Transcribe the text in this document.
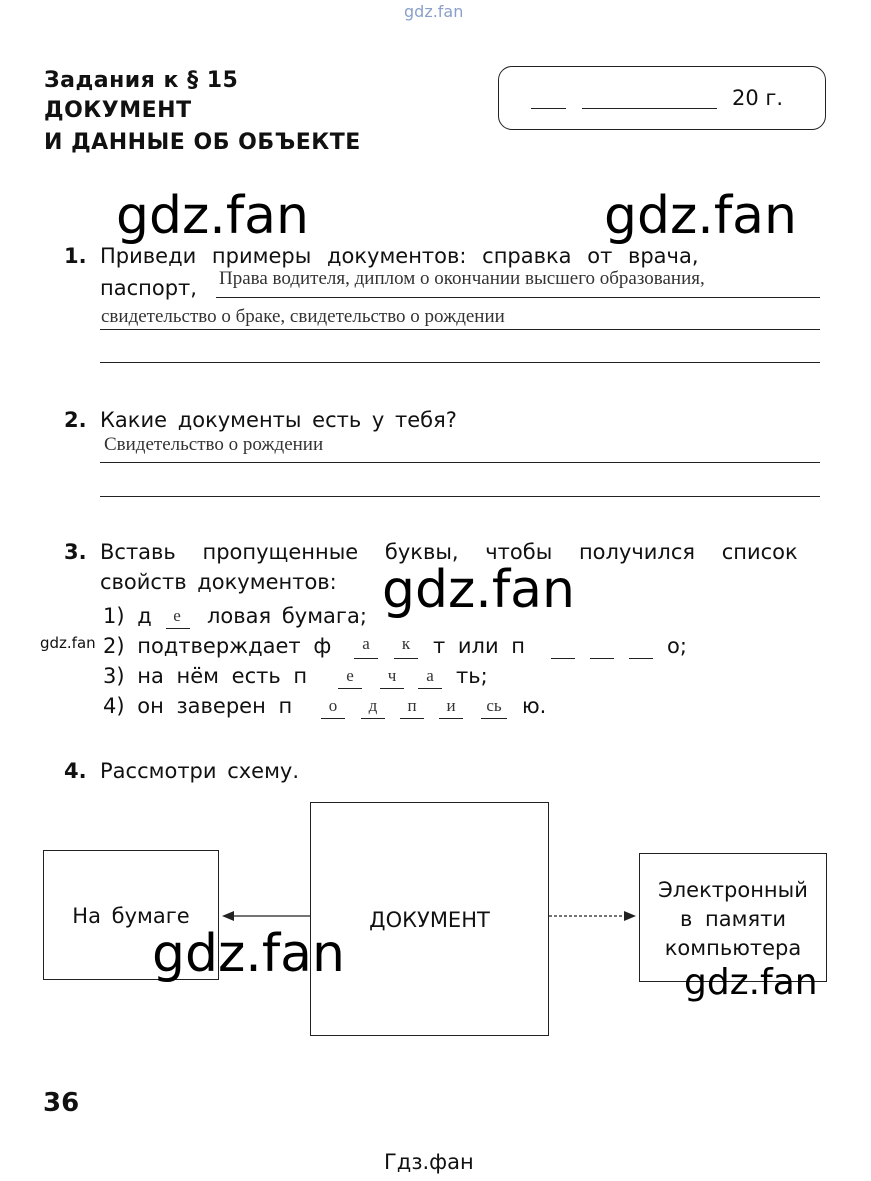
gdz.fan
Задания к § 15
ДОКУМЕНТ
И ДАННЫЕ ОБ ОБЪЕКТЕ
20 г.
gdz.fan	gdz.fan
1. Приведи примеры документов: справка от врача,
паспорт, Права водителя, диплом о окончании высшего образования,
свидетельство о браке, свидетельство о рождении
2. Какие документы есть у тебя?
Свидетельство о рождении
3. Вставь пропущенные буквы, чтобы получился список
свойств документов: gdz.fan
gdz.fan
1) д	е	ловая бумага;
2) подтверждает ф	а	к	т или п	о;
3) на нём есть п	е	ч	а	ть;
4) он заверен п	о	д	п	и	сь ю.
4. Рассмотри схему.
На бумаге	ДОКУМЕНТ
Электронный
в памяти
компьютера
gdz.fan	gdz.fan
36
Гдз.фан
